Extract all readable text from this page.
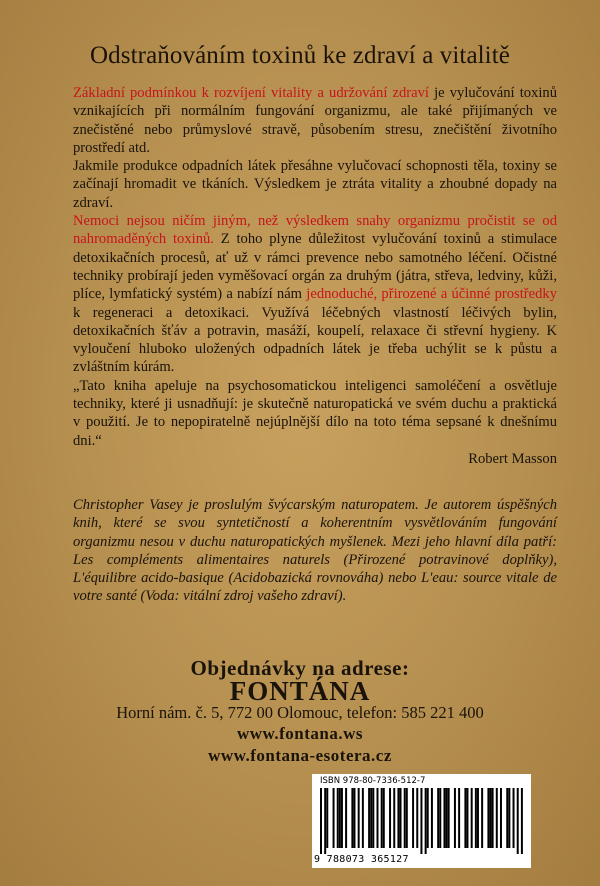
Odstraňováním toxinů ke zdraví a vitalitě

Základní podmínkou k rozvíjení vitality a udržování zdraví je vylučování toxinů vznikajících při normálním fungování organizmu, ale také přijímaných ve znečistěné nebo průmyslové stravě, působením stresu, znečištění životního prostředí atd.

Jakmile produkce odpadních látek přesáhne vylučovací schopnosti těla, toxiny se začínají hromadit ve tkáních. Výsledkem je ztráta vitality a zhoubné dopady na zdraví.

Nemoci nejsou ničím jiným, než výsledkem snahy organizmu pročistit se od nahromaděných toxinů. Z toho plyne důležitost vylučování toxinů a stimulace detoxikačních procesů, ať už v rámci prevence nebo samotného léčení. Očistné techniky probírají jeden vyměšovací orgán za druhým (játra, střeva, ledviny, kůži, plíce, lymfatický systém) a nabízí nám jednoduché, přirozené a účinné prostředky k regeneraci a detoxikaci. Využívá léčebných vlastností léčivých bylin, detoxikačních šťáv a potravin, masáží, koupelí, relaxace či střevní hygieny. K vyloučení hluboko uložených odpadních látek je třeba uchýlit se k půstu a zvláštním kúrám.

„Tato kniha apeluje na psychosomatickou inteligenci samoléčení a osvětluje techniky, které ji usnadňují: je skutečně naturopatická ve svém duchu a praktická v použití. Je to nepopiratelně nejúplnější dílo na toto téma sepsané k dnešnímu dni.“

Robert Masson

Christopher Vasey je proslulým švýcarským naturopatem. Je autorem úspěšných knih, které se svou syntetičností a koherentním vysvětlováním fungování organizmu nesou v duchu naturopatických myšlenek. Mezi jeho hlavní díla patří: Les compléments alimentaires naturels (Přirozené potravinové doplňky), L'équilibre acido-basique (Acidobazická rovnováha) nebo L'eau: source vitale de votre santé (Voda: vitální zdroj vašeho zdraví).
Objednávky na adrese:
FONTÁNA
Horní nám. č. 5, 772 00 Olomouc, telefon: 585 221 400
www.fontana.ws
www.fontana-esotera.cz
ISBN 978-80-7336-512-7
9 788073 365127
